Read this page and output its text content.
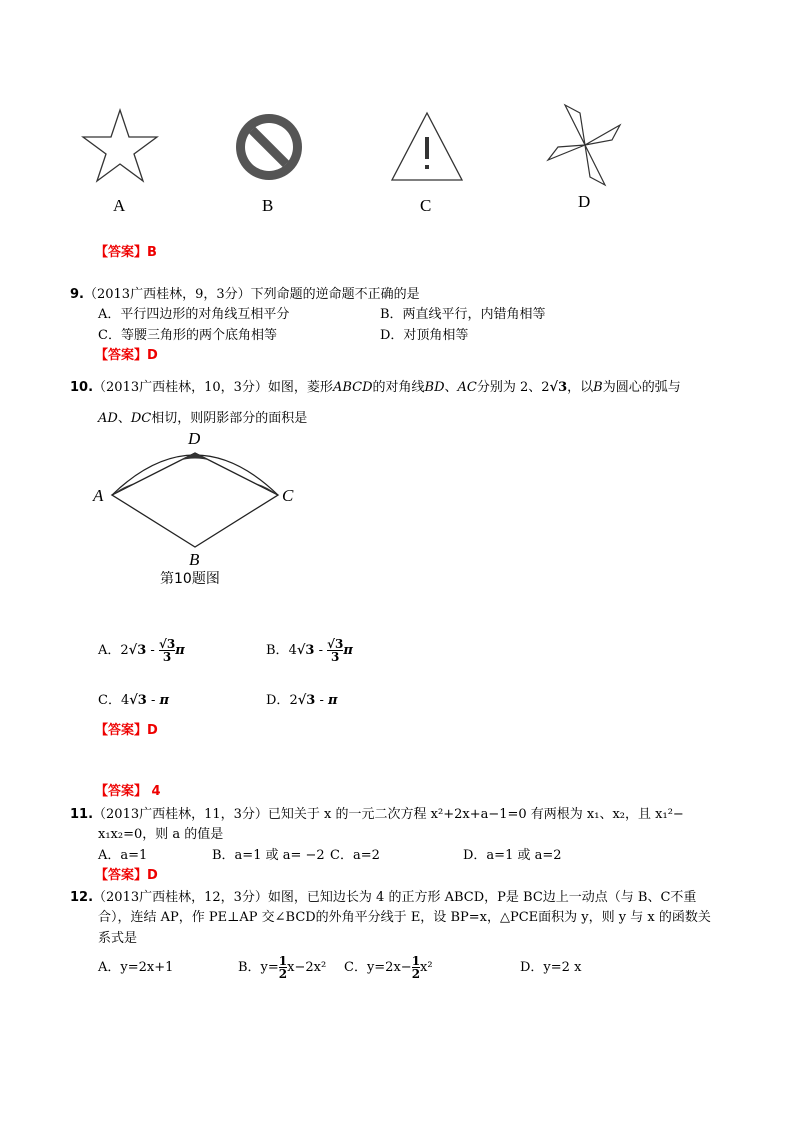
A	B	C	D
【答案】B
9.（2013广西桂林，9，3分）下列命题的逆命题不正确的是
A．平行四边形的对角线互相平分	B．两直线平行，内错角相等
C．等腰三角形的两个底角相等	D．对顶角相等
【答案】D
10.（2013广西桂林，10，3分）如图，菱形ABCD的对角线BD、AC分别为 2、2√3，以B为圆心的弧与
AD、DC相切，则阴影部分的面积是
A
D
C
B
第10题图
A．$2√3 - \frac{√3}{3}$ π	B．$4√3 - \frac{√3}{3}$ π
C．4√3 - π	D．2√3 - π
【答案】D
【答案】 4
11.（2013广西桂林，11，3分）已知关于 x 的一元二次方程 x²+2x+a−1=0 有两根为 x₁、x₂，且 x₁²−
x₁x₂=0，则 a 的值是
A．a=1	B．a=1 或 a= −2 C．a=2	D．a=1 或 a=2
【答案】D
12.（2013广西桂林，12，3分）如图，已知边长为 4 的正方形 ABCD，P是 BC边上一动点（与 B、C不重
合），连结 AP，作 PE⊥AP 交∠BCD的外角平分线于 E，设 BP=x，△PCE面积为 y，则 y 与 x 的函数关
系式是
A．y=2x+1	B．$y= \frac{1}{2} x-2x^2$ C．$y=2x- \frac{1}{2} x^2$	D．y=2 x
